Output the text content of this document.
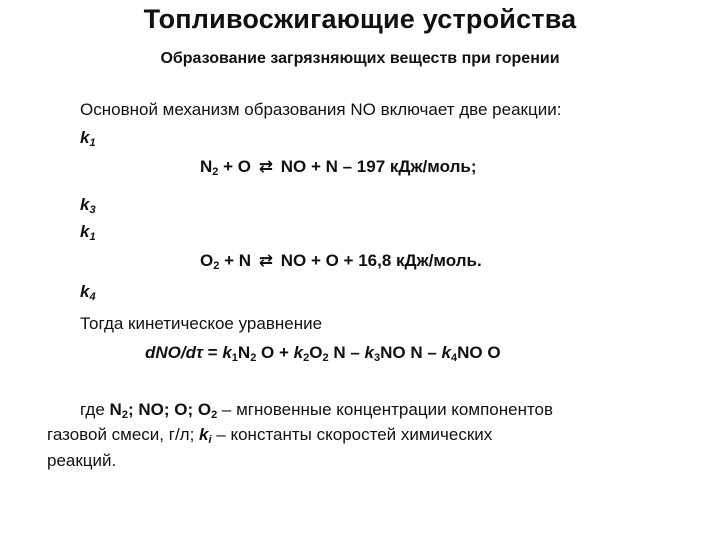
Топливосжигающие устройства
Образование загрязняющих веществ при горении
Основной механизм образования NO включает две реакции:
$k_1$
$N_2 + O$ ⇄ NO + N – 197 кДж/моль;
$k_3$
$k_1$
$O_2 + N$ ⇄ NO + O + 16,8 кДж/моль.
$k_4$
Тогда кинетическое уравнение
$dNO/d\tau = k_1N_2$ $O + k_2O_2$ N – $k_3NO$ N – $k_4NO$ O
где $N_2$; NO; O; $O_2$ – мгновенные концентрации компонентов
газовой смеси, г/л; $k_i$ – константы скоростей химических
реакций.
